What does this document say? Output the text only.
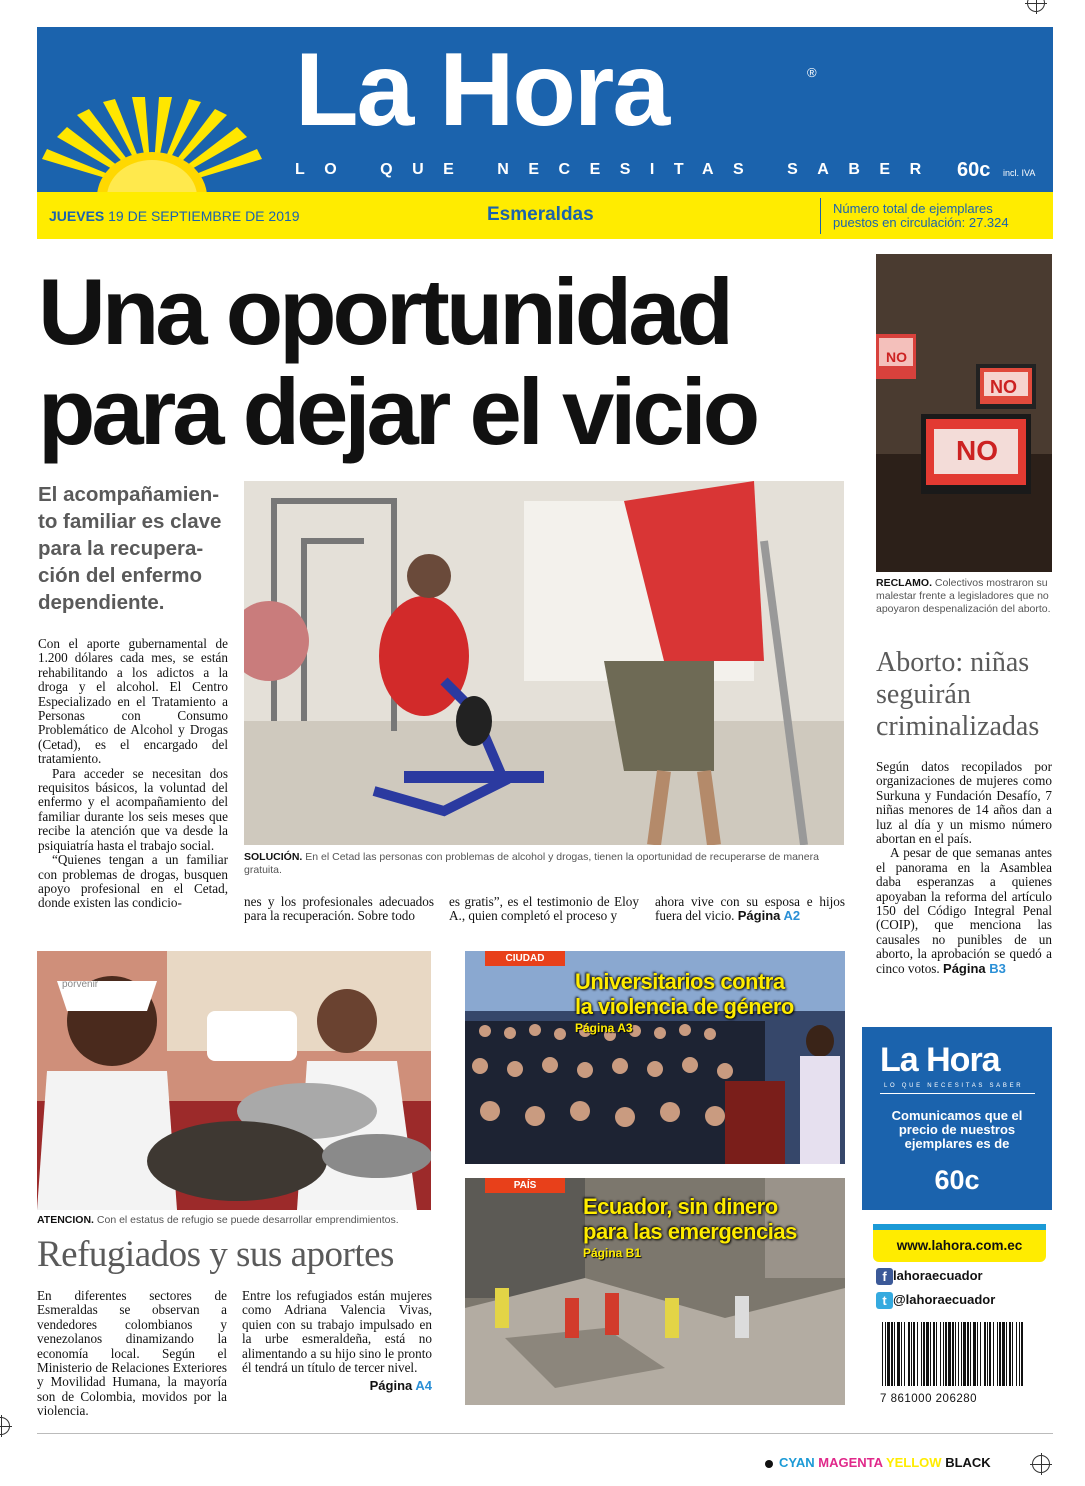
La Hora	®
LO QUE NECESITAS SABER 60c incl. IVA
JUEVES 19 DE SEPTIEMBRE DE 2019	Esmeraldas	Número total de ejemplares
puestos en circulación: 27.324
Una oportunidad
para dejar el vicio
El acompañamien-to familiar es clave para la recupera-ción del enfermo dependiente.

Con el aporte gubernamental de 1.200 dólares cada mes, se están rehabilitando a los adictos a la droga y el alcohol. El Centro Especializado en el Tratamiento a Personas con Consumo Problemático de Alcohol y Drogas (Cetad), es el encargado del tratamiento.

Para acceder se necesitan dos requisitos básicos, la voluntad del enfermo y el acompañamiento del familiar durante los seis meses que recibe la atención que va desde la psiquiatría hasta el trabajo social.

“Quienes tengan a un familiar con problemas de drogas, busquen apoyo profesional en el Cetad, donde existen las condicio-

SOLUCIÓN. En el Cetad las personas con problemas de alcohol y drogas, tienen la oportunidad de recuperarse de manera gratuita.

nes y los profesionales adecuados para la recuperación. Sobre todo

es gratis”, es el testimonio de Eloy A., quien completó el proceso y

ahora vive con su esposa e hijos fuera del vicio. Página A2

NO
NO
NO
RECLAMO. Colectivos mostraron su malestar frente a legisladores que no apoyaron despenalización del aborto.
Aborto: niñas seguirán criminalizadas

Según datos recopilados por organizaciones de mujeres como Surkuna y Fundación Desafío, 7 niñas menores de 14 años dan a luz al día y un mismo número abortan en el país.

A pesar de que semanas antes el panorama en la Asamblea daba esperanzas a quienes apoyaban la reforma del artículo 150 del Código Integral Penal (COIP), que menciona las causales no punibles de un aborto, la aprobación se quedó a cinco votos. Página B3

porvenir
ATENCION. Con el estatus de refugio se puede desarrollar emprendimientos.
Refugiados y sus aportes

En diferentes sectores de Esmeraldas se observan a vendedores colombianos y venezolanos dinamizando la economía local. Según el Ministerio de Relaciones Exteriores y Movilidad Humana, la mayoría son de Colombia, movidos por la violencia.

Entre los refugiados están mujeres como Adriana Valencia Vivas, quien con su trabajo impulsado en la urbe esmeraldeña, está no alimentando a su hijo sino le pronto él tendrá un título de tercer nivel.

Página A4
CIUDAD
Universitarios contra
la violencia de género
Página A3
PAÍS
Ecuador, sin dinero
para las emergencias
Página B1
La Hora
LO QUE NECESITAS SABER
Comunicamos que el precio de nuestros ejemplares es de
60c
www.lahora.com.ec
f lahoraecuador
t @lahoraecuador
7 861000 206280
CYAN MAGENTA YELLOW BLACK
